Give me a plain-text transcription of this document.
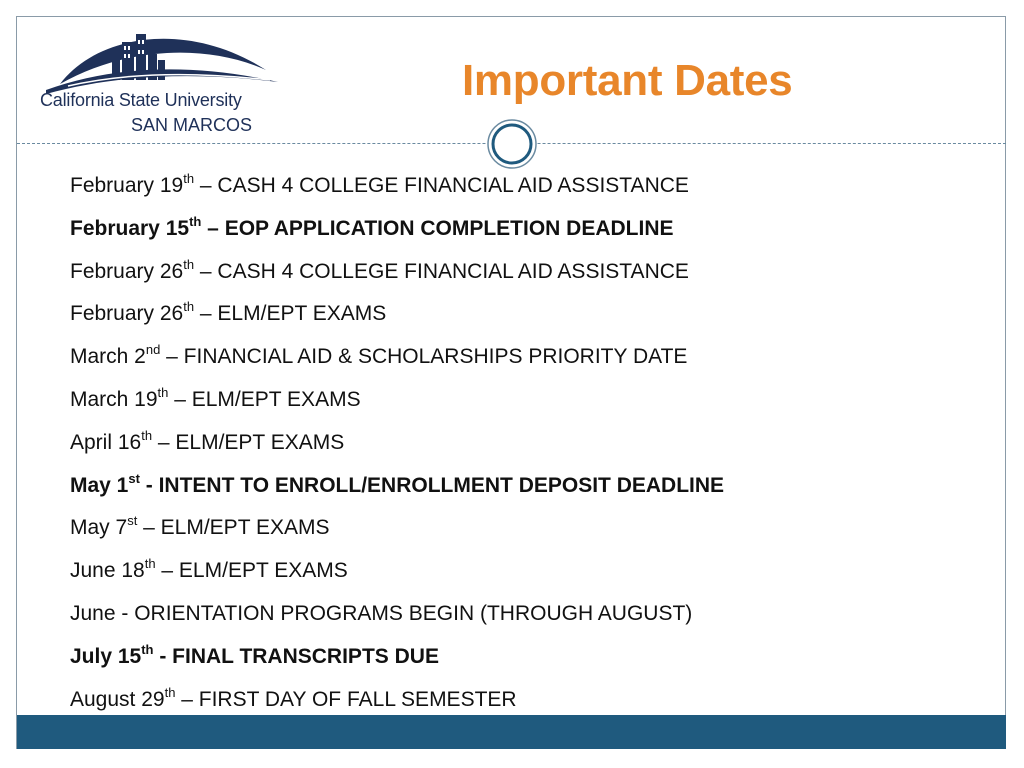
California State University
SAN MARCOS
Important Dates
February 19th – CASH 4 COLLEGE FINANCIAL AID ASSISTANCE
February 15th – EOP APPLICATION COMPLETION DEADLINE
February 26th – CASH 4 COLLEGE FINANCIAL AID ASSISTANCE
February 26th – ELM/EPT EXAMS
March 2nd – FINANCIAL AID & SCHOLARSHIPS PRIORITY DATE
March 19th – ELM/EPT EXAMS
April 16th – ELM/EPT EXAMS
May 1st - INTENT TO ENROLL/ENROLLMENT DEPOSIT DEADLINE
May 7st – ELM/EPT EXAMS
June 18th – ELM/EPT EXAMS
June - ORIENTATION PROGRAMS BEGIN (THROUGH AUGUST)
July 15th - FINAL TRANSCRIPTS DUE
August 29th – FIRST DAY OF FALL SEMESTER
